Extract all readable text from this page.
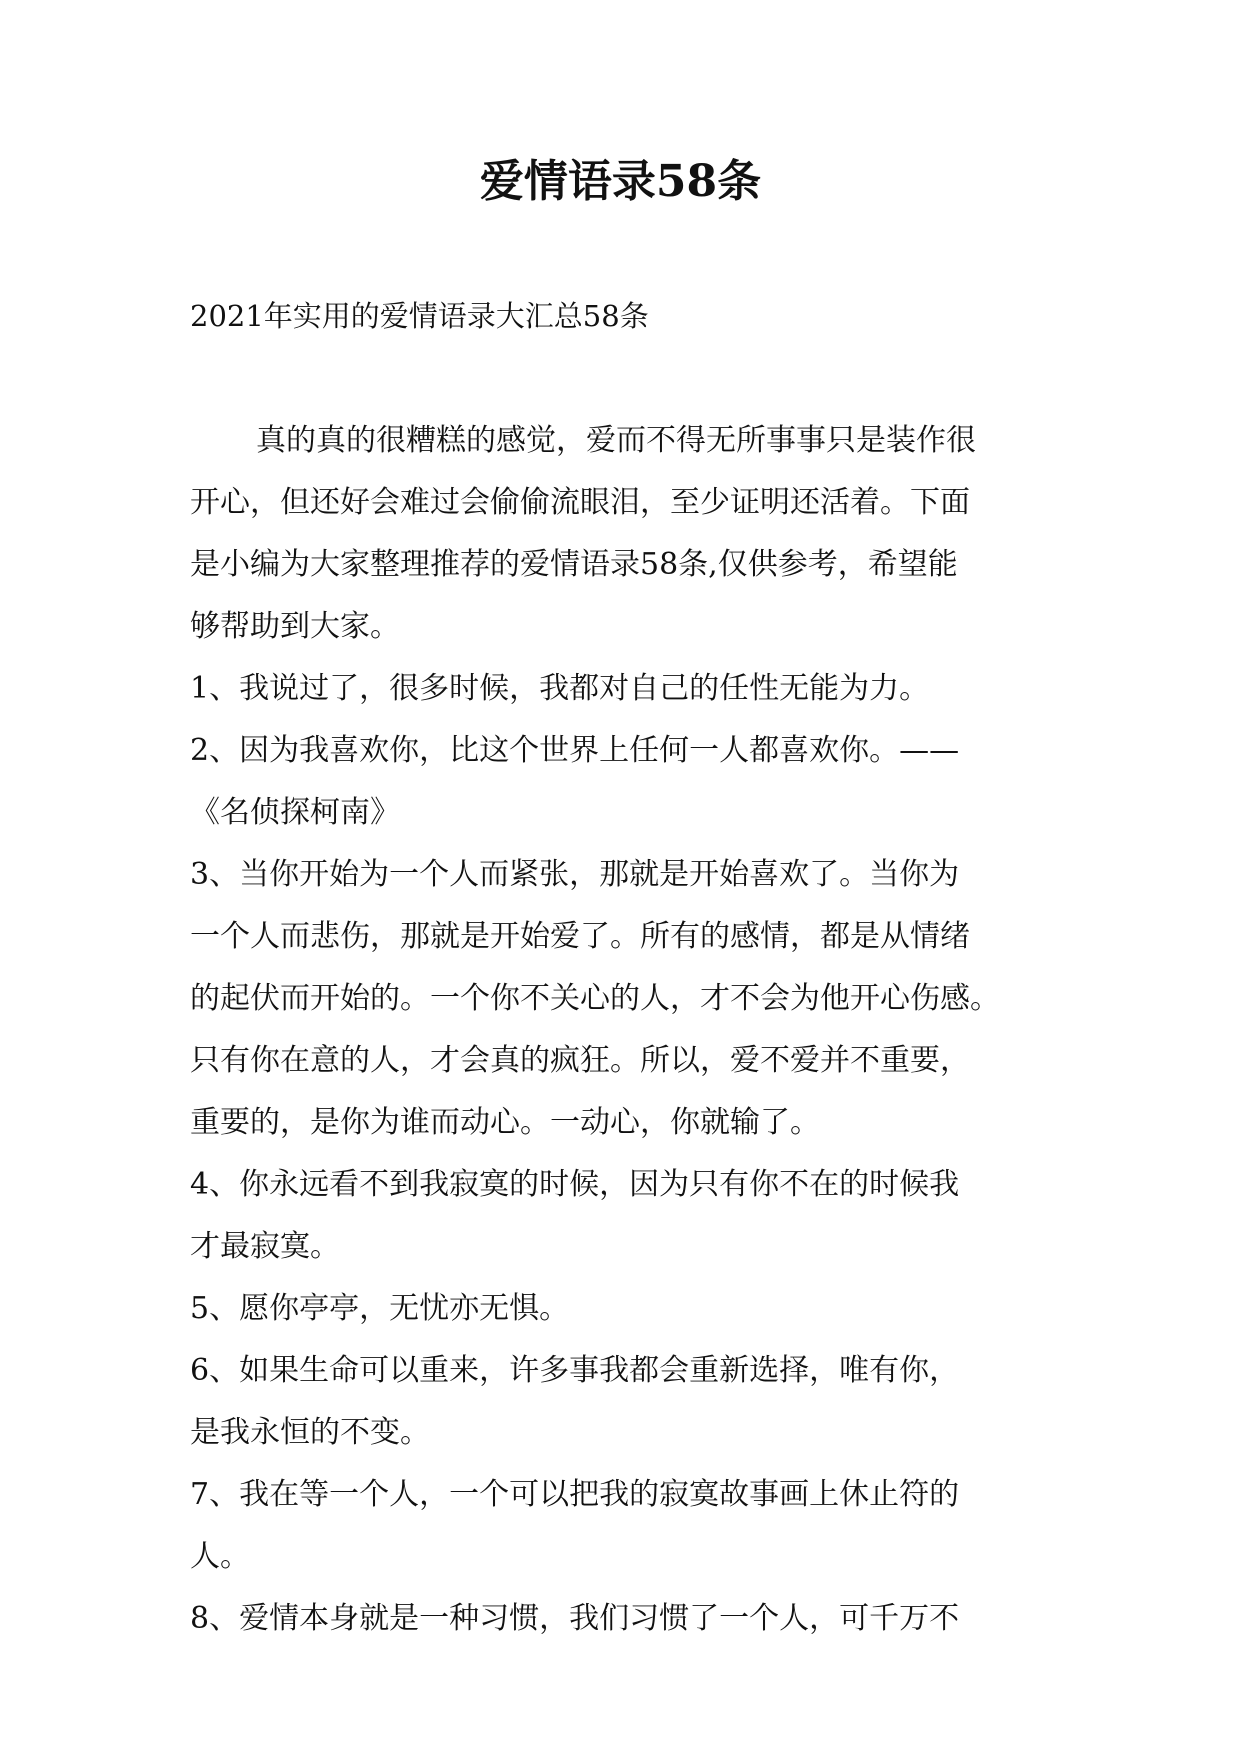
爱情语录58条
2021年实用的爱情语录大汇总58条
真的真的很糟糕的感觉，爱而不得无所事事只是装作很
开心，但还好会难过会偷偷流眼泪，至少证明还活着。下面
是小编为大家整理推荐的爱情语录58条,仅供参考，希望能
够帮助到大家。
1、我说过了，很多时候，我都对自己的任性无能为力。
2、因为我喜欢你，比这个世界上任何一人都喜欢你。——
《名侦探柯南》
3、当你开始为一个人而紧张，那就是开始喜欢了。当你为
一个人而悲伤，那就是开始爱了。所有的感情，都是从情绪
的起伏而开始的。一个你不关心的人，才不会为他开心伤感。
只有你在意的人，才会真的疯狂。所以，爱不爱并不重要，
重要的，是你为谁而动心。一动心，你就输了。
4、你永远看不到我寂寞的时候，因为只有你不在的时候我
才最寂寞。
5、愿你亭亭，无忧亦无惧。
6、如果生命可以重来，许多事我都会重新选择，唯有你，
是我永恒的不变。
7、我在等一个人，一个可以把我的寂寞故事画上休止符的
人。
8、爱情本身就是一种习惯，我们习惯了一个人，可千万不
